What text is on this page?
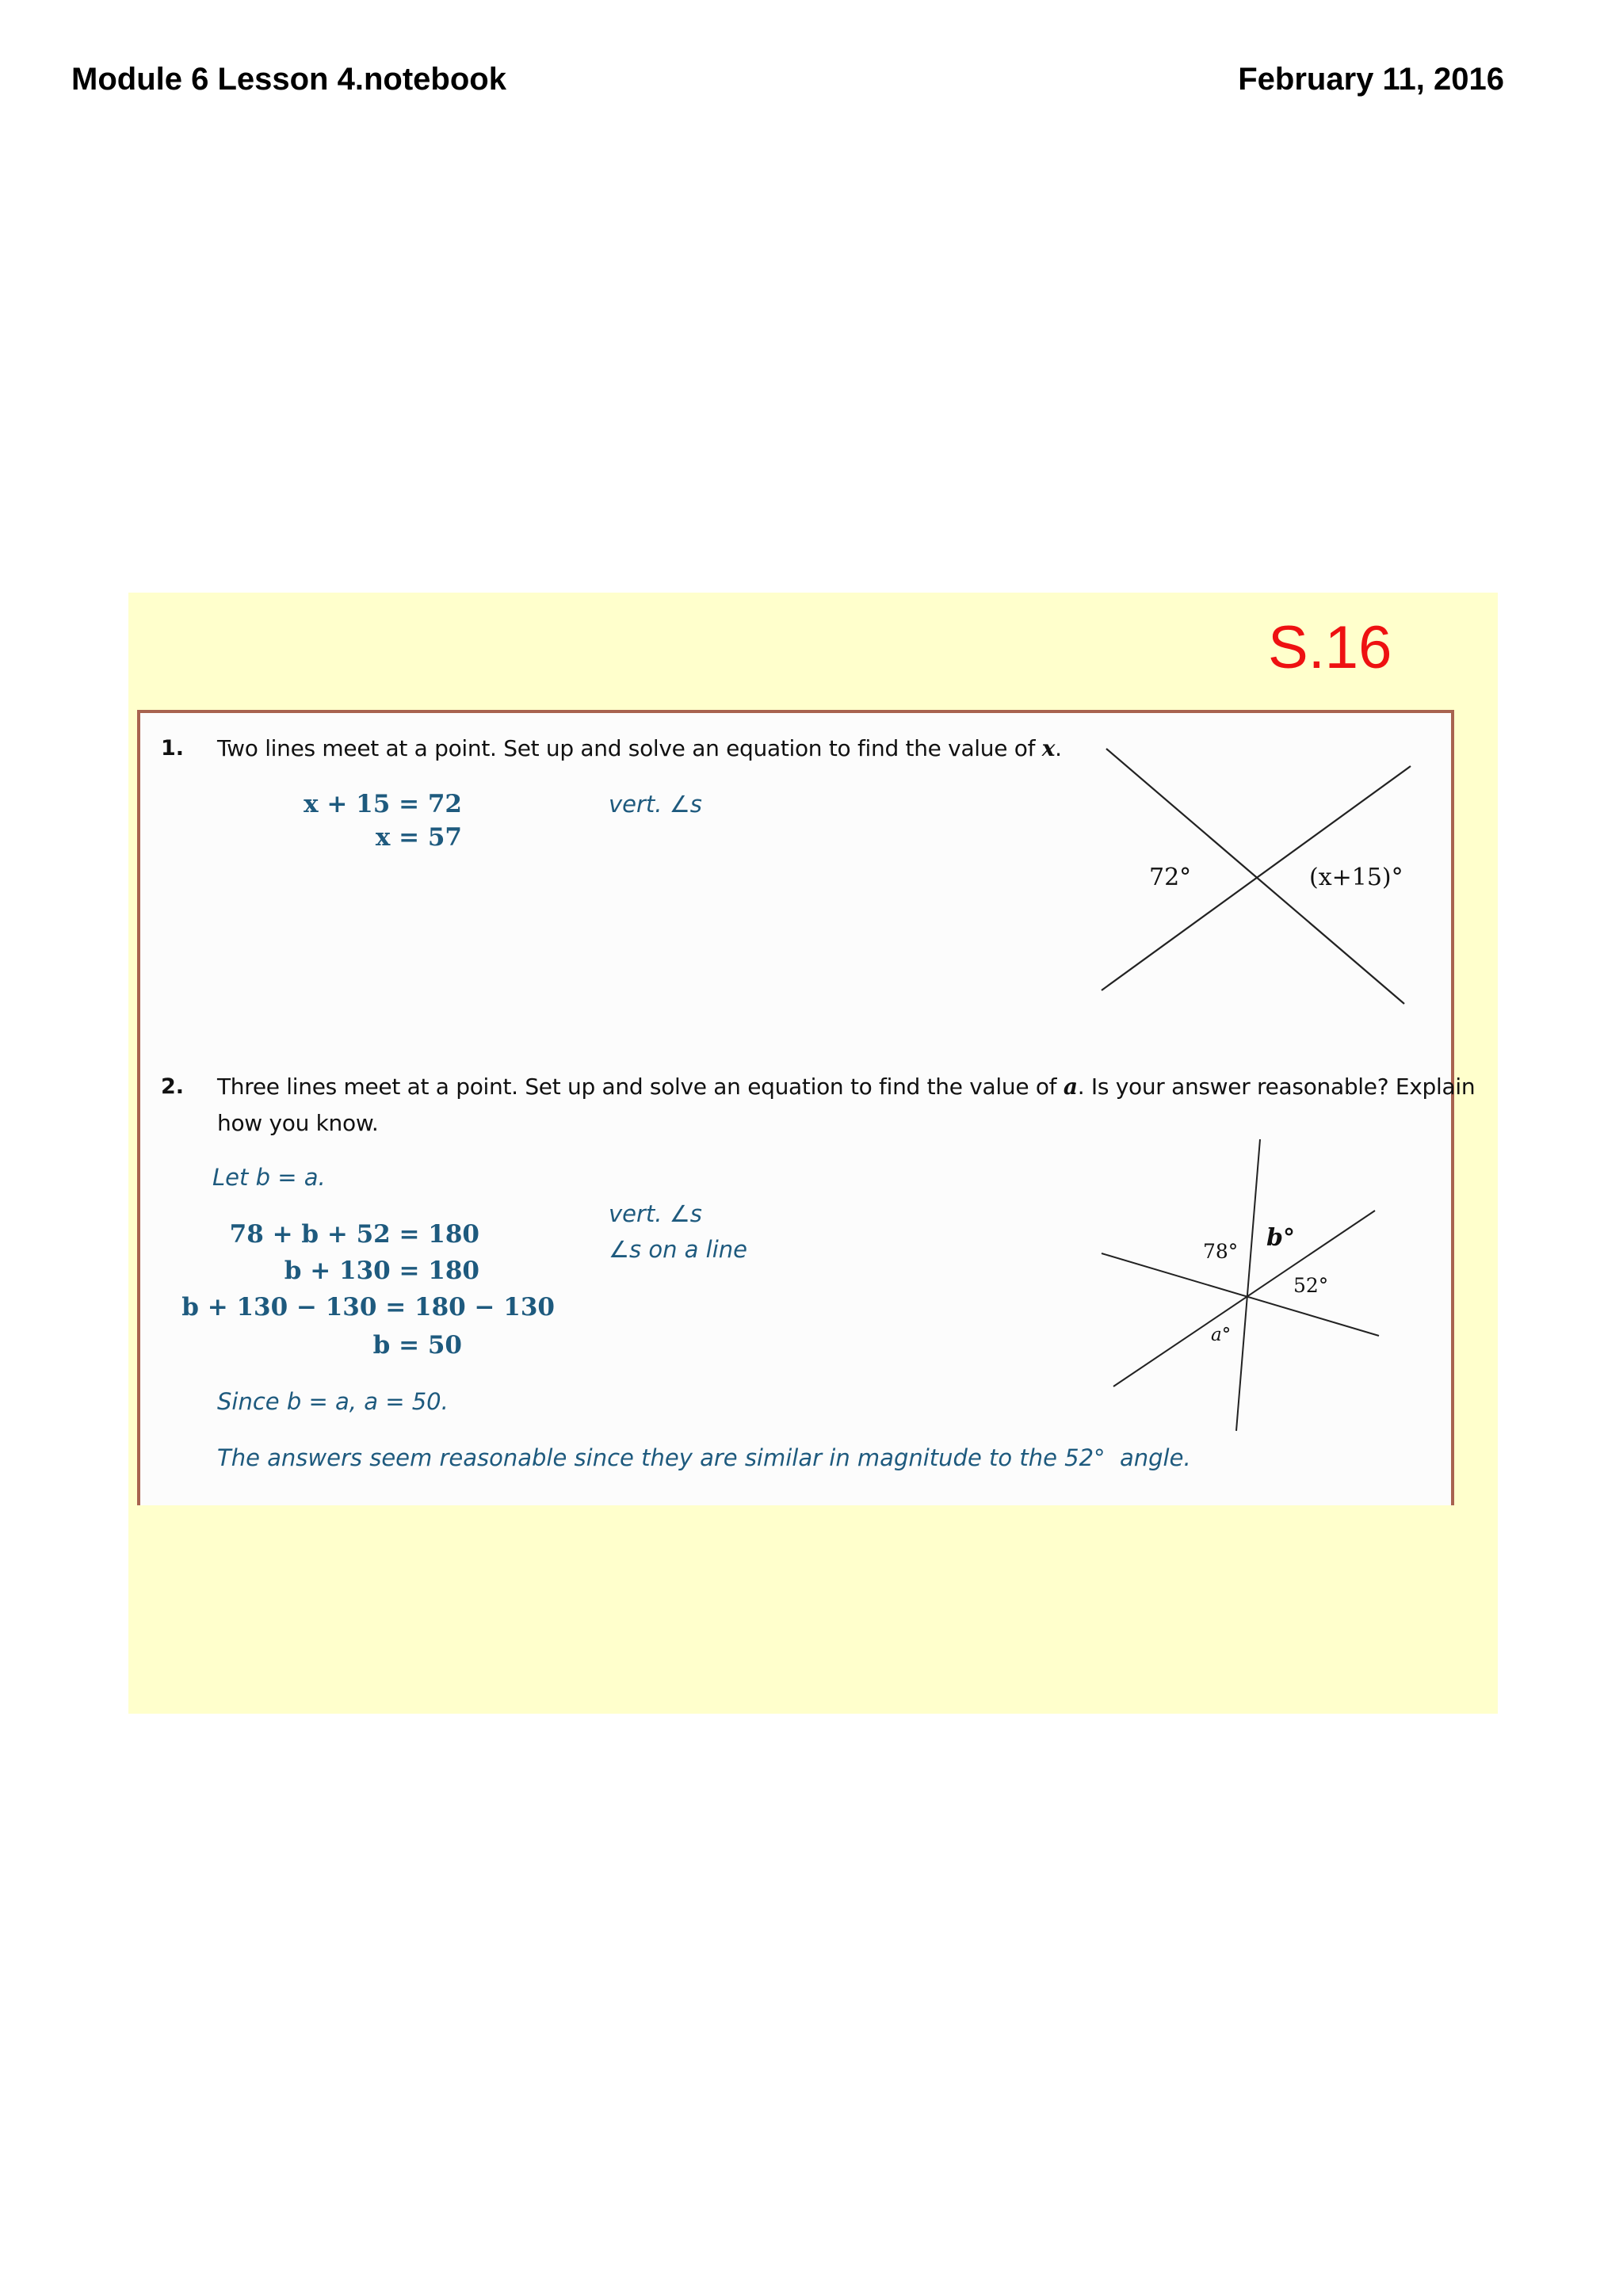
Module 6 Lesson 4.notebook	February 11, 2016
S.16
1. Two lines meet at a point. Set up and solve an equation to find the value of x.
x + 15 = 72
x = 57
vert. ∠s
72°	(x+15)°
2. Three lines meet at a point. Set up and solve an equation to find the value of a. Is your answer reasonable? Explain
how you know.
Let b = a.
78 + b + 52 = 180
b + 130 = 180
b + 130 − 130 = 180 − 130
b = 50
vert. ∠s
∠s on a line
Since b = a, a = 50.
The answers seem reasonable since they are similar in magnitude to the 52°  angle.
78° b°
52°
a°
